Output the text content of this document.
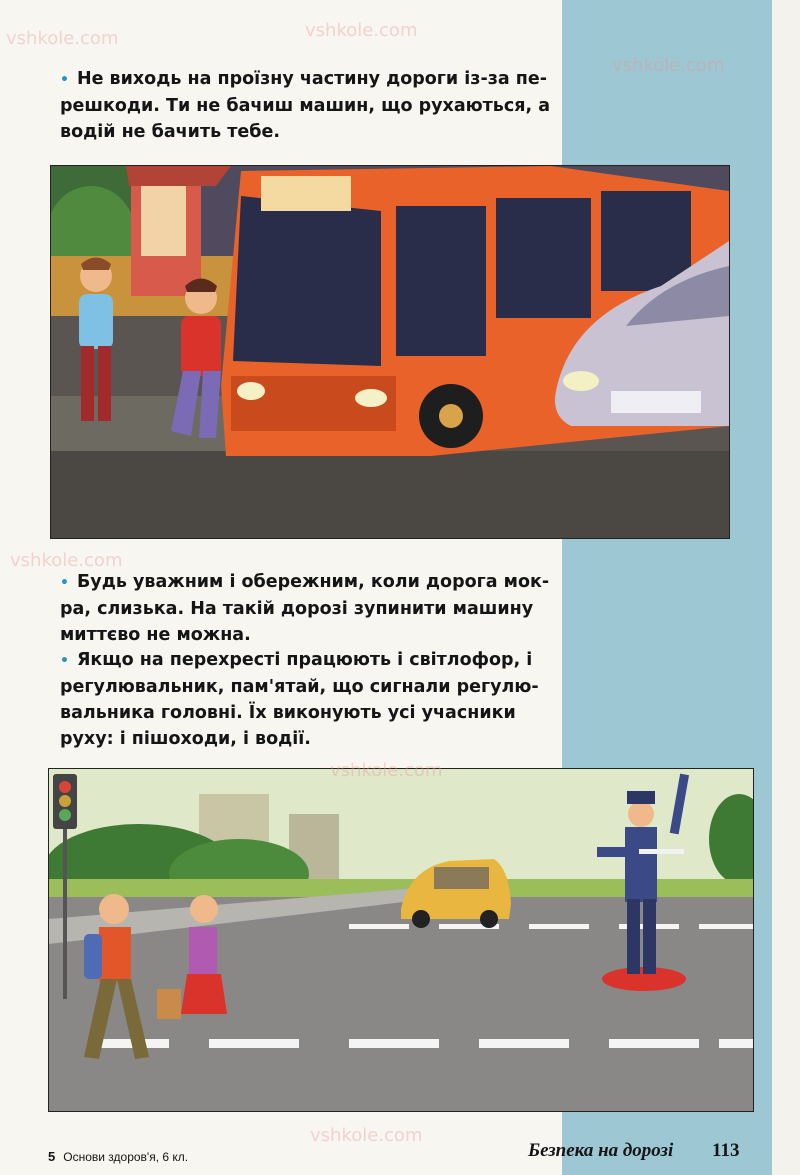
• Не виходь на проїзну частину дороги із-за пе-
решкоди. Ти не бачиш машин, що рухаються, а
водій не бачить тебе.
• Будь уважним і обережним, коли дорога мок-
ра, слизька. На такій дорозі зупинити машину
миттєво не можна.
• Якщо на перехресті працюють і світлофор, і
регулювальник, пам'ятай, що сигнали регулю-
вальника головні. Їх виконують усі учасники
руху: і пішоходи, і водії.
vshkole.com	vshkole.com
vshkole.com
vshkole.com
vshkole.com
vshkole.com
5 Основи здоров'я, 6 кл.	Безпека на дорозі 113
